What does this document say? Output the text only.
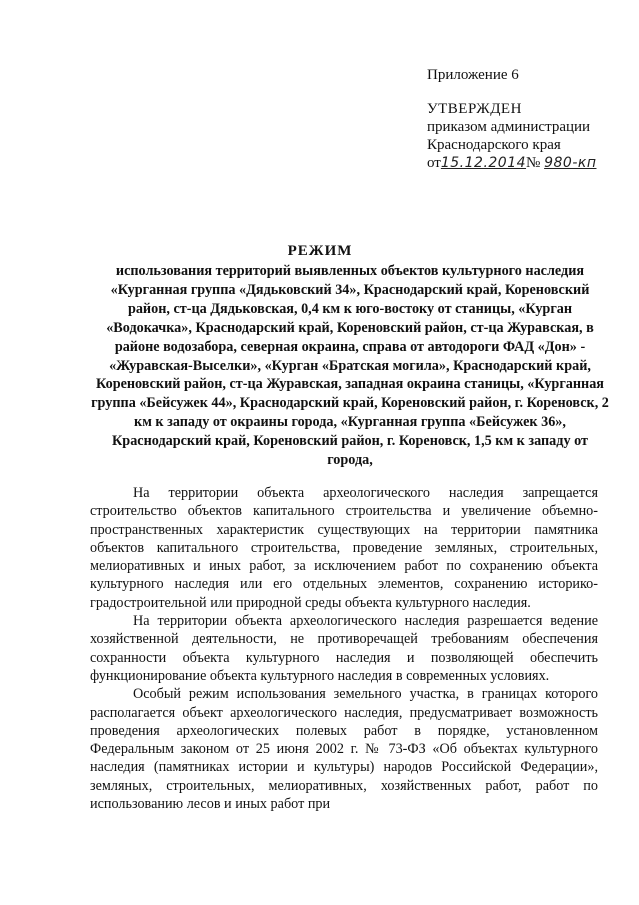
Приложение 6
УТВЕРЖДЕН
приказом администрации
Краснодарского края
от15.12.2014№ 980-кп
РЕЖИМ
использования территорий выявленных объектов культурного наследия «Курганная группа «Дядьковский 34», Краснодарский край, Кореновский район, ст-ца Дядьковская, 0,4 км к юго-востоку от станицы, «Курган «Водокачка», Краснодарский край, Кореновский район, ст-ца Журавская, в районе водозабора, северная окраина, справа от автодороги ФАД «Дон» - «Журавская-Выселки», «Курган «Братская могила», Краснодарский край, Кореновский район, ст-ца Журавская, западная окраина станицы, «Курганная группа «Бейсужек 44», Краснодарский край, Кореновский район, г. Кореновск, 2 км к западу от окраины города, «Курганная группа «Бейсужек 36», Краснодарский край, Кореновский район, г. Кореновск, 1,5 км к западу от города,

На территории объекта археологического наследия запрещается строительство объектов капитального строительства и увеличение объемно-пространственных характеристик существующих на территории памятника объектов капитального строительства, проведение земляных, строительных, мелиоративных и иных работ, за исключением работ по сохранению объекта культурного наследия или его отдельных элементов, сохранению историко-градостроительной или природной среды объекта культурного наследия.

На территории объекта археологического наследия разрешается ведение хозяйственной деятельности, не противоречащей требованиям обеспечения сохранности объекта культурного наследия и позволяющей обеспечить функционирование объекта культурного наследия в современных условиях.

Особый режим использования земельного участка, в границах которого располагается объект археологического наследия, предусматривает возможность проведения археологических полевых работ в порядке, установленном Федеральным законом от 25 июня 2002 г. № 73-ФЗ «Об объектах культурного наследия (памятниках истории и культуры) народов Российской Федерации», земляных, строительных, мелиоративных, хозяйственных работ, работ по использованию лесов и иных работ при
